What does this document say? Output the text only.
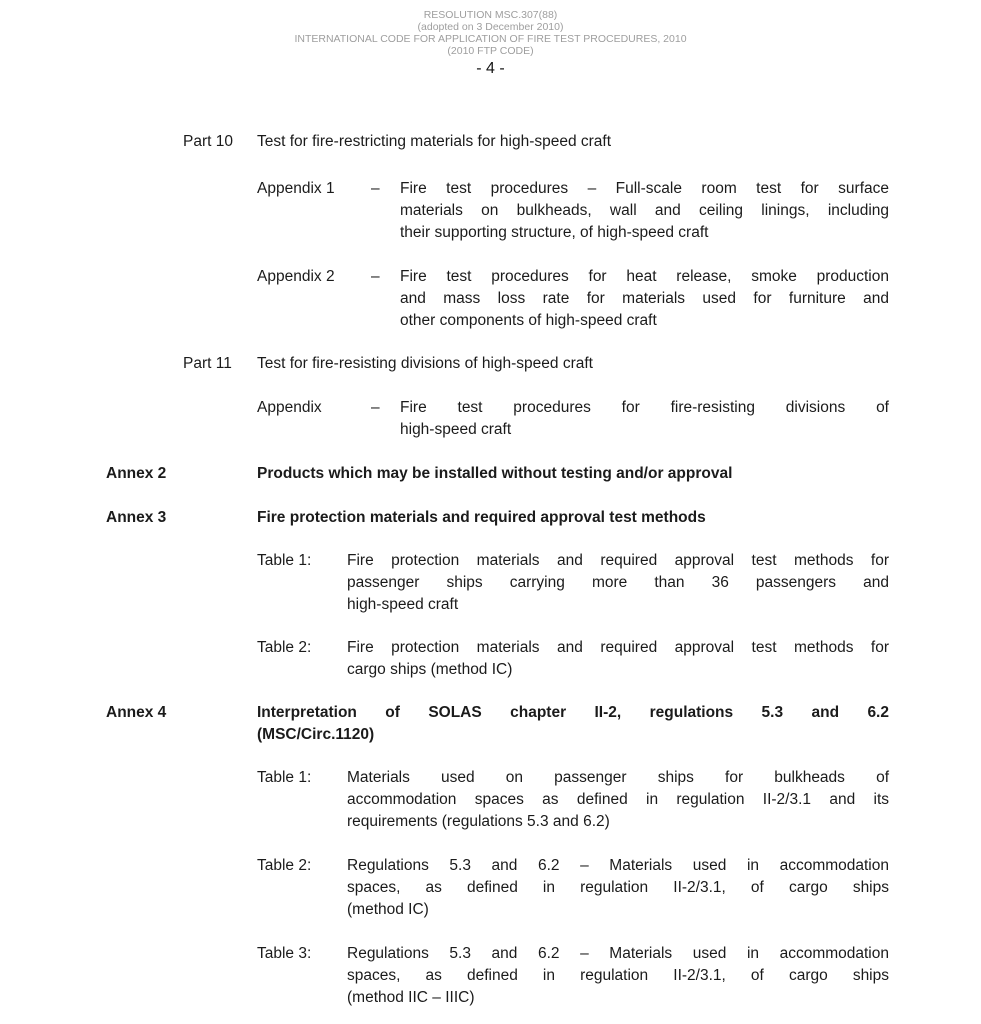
RESOLUTION MSC.307(88)
(adopted on 3 December 2010)
INTERNATIONAL CODE FOR APPLICATION OF FIRE TEST PROCEDURES, 2010
(2010 FTP CODE)
- 4 -
Part 10	Test for fire-restricting materials for high-speed craft
Appendix 1	–	Fire test procedures – Full-scale room test for surface
materials on bulkheads, wall and ceiling linings, including
their supporting structure, of high-speed craft
Appendix 2	–	Fire test procedures for heat release, smoke production
and mass loss rate for materials used for furniture and
other components of high-speed craft
Part 11	Test for fire-resisting divisions of high-speed craft
Appendix	–	Fire test procedures for fire-resisting divisions of
high-speed craft
Annex 2	Products which may be installed without testing and/or approval
Annex 3	Fire protection materials and required approval test methods
Table 1:	Fire protection materials and required approval test methods for
passenger ships carrying more than 36 passengers and
high-speed craft
Table 2:	Fire protection materials and required approval test methods for
cargo ships (method IC)
Annex 4	Interpretation of SOLAS chapter II-2, regulations 5.3 and 6.2
(MSC/Circ.1120)
Table 1:	Materials used on passenger ships for bulkheads of
accommodation spaces as defined in regulation II-2/3.1 and its
requirements (regulations 5.3 and 6.2)
Table 2:	Regulations 5.3 and 6.2 – Materials used in accommodation
spaces, as defined in regulation II-2/3.1, of cargo ships
(method IC)
Table 3:	Regulations 5.3 and 6.2 – Materials used in accommodation
spaces, as defined in regulation II-2/3.1, of cargo ships
(method IIC – IIIC)
